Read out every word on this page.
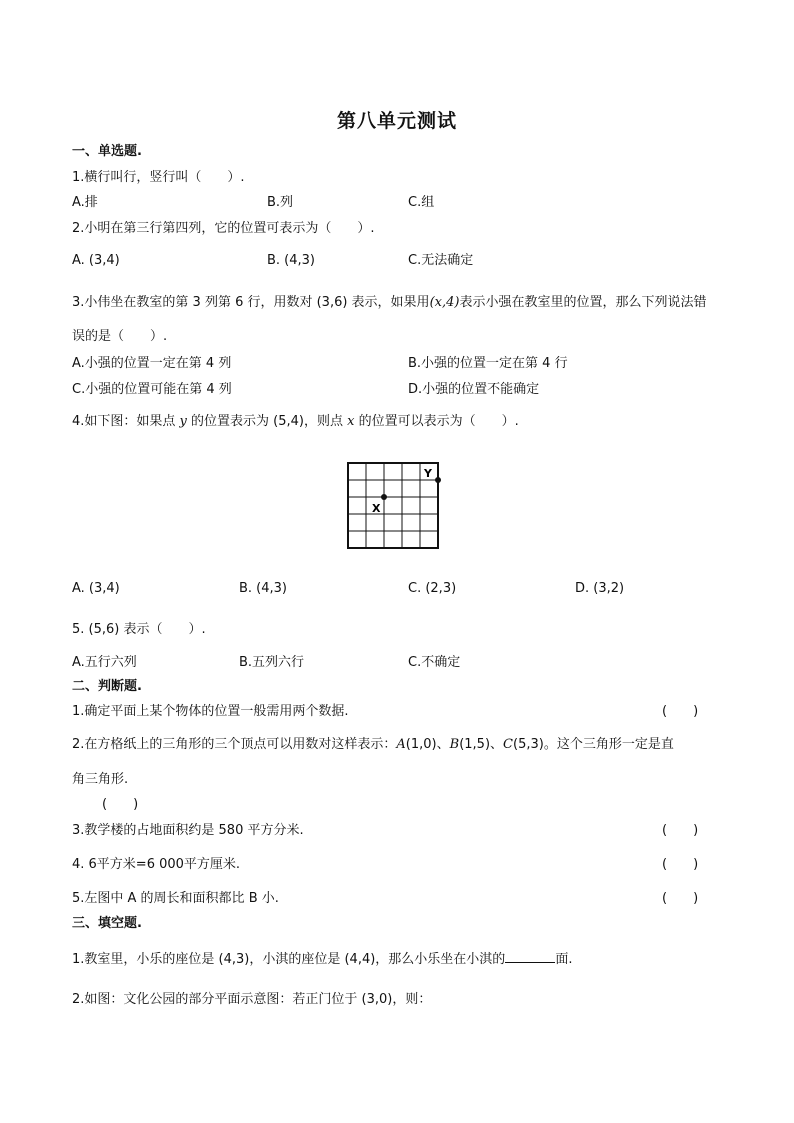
第八单元测试
一、单选题.
1.横行叫行，竖行叫（　　）.
A.排	B.列	C.组
2.小明在第三行第四列，它的位置可表示为（　　）.
A. (3,4)	B. (4,3)	C.无法确定
3.小伟坐在教室的第 3 列第 6 行，用数对 (3,6) 表示，如果用(x,4)表示小强在教室里的位置，那么下列说法错
误的是（　　）.
A.小强的位置一定在第 4 列	B.小强的位置一定在第 4 行
C.小强的位置可能在第 4 列	D.小强的位置不能确定
4.如下图：如果点 y 的位置表示为 (5,4)，则点 x 的位置可以表示为（　　）.
X
Y
A. (3,4)	B. (4,3)	C. (2,3)	D. (3,2)
5. (5,6) 表示（　　）.
A.五行六列	B.五列六行	C.不确定
二、判断题.
1.确定平面上某个物体的位置一般需用两个数据.	(　　)
2.在方格纸上的三角形的三个顶点可以用数对这样表示：A(1,0)、B(1,5)、C(5,3)。这个三角形一定是直
角三角形.
(　　)
3.教学楼的占地面积约是 580 平方分米.	(　　)
4. 6平方米=6 000平方厘米.	(　　)
5.左图中 A 的周长和面积都比 B 小.	(　　)
三、填空题.
1.教室里，小乐的座位是 (4,3)，小淇的座位是 (4,4)，那么小乐坐在小淇的	面.
2.如图：文化公园的部分平面示意图：若正门位于 (3,0)，则：
